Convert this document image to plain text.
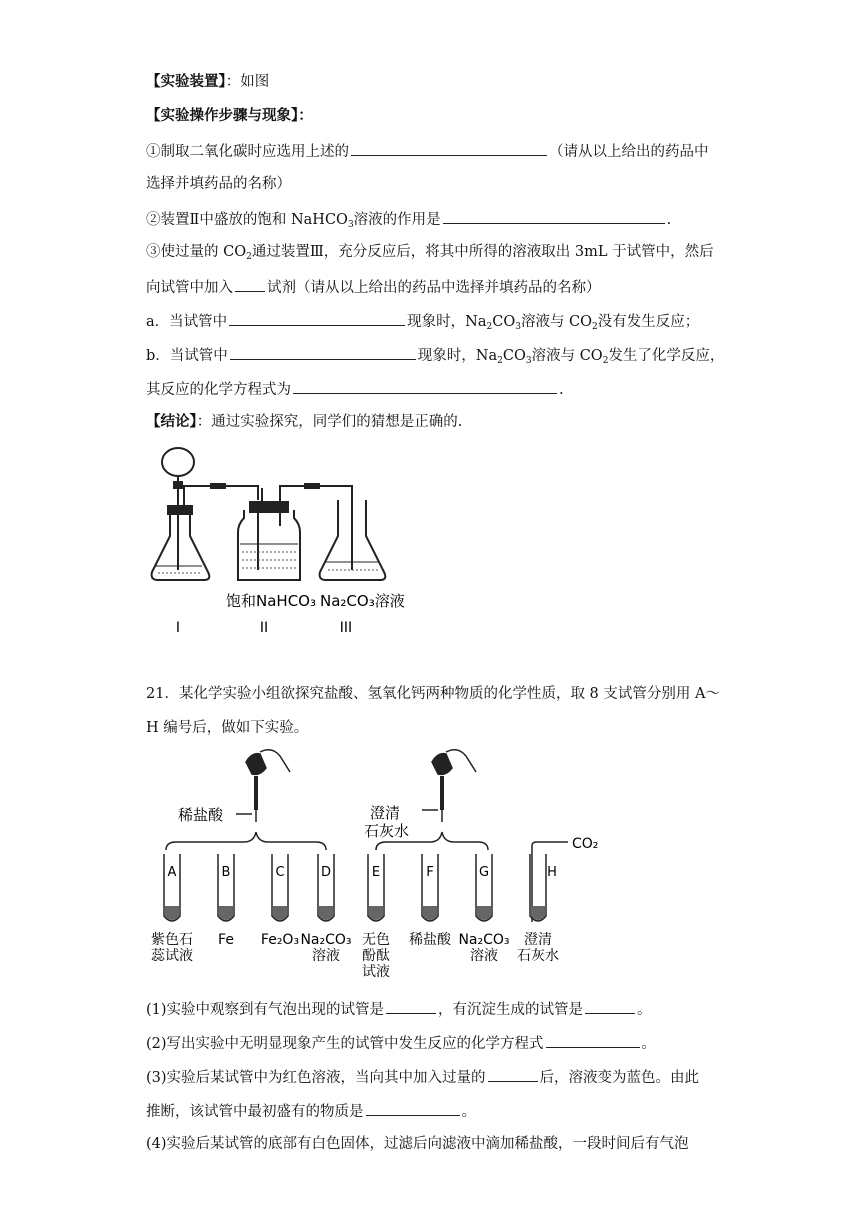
【实验装置】：如图
【实验操作步骤与现象】：
①制取二氧化碳时应选用上述的	（请从以上给出的药品中
选择并填药品的名称）
②装置Ⅱ中盛放的饱和 NaHCO$_3$溶液的作用是	.
③使过量的 $CO_2$通过装置Ⅲ，充分反应后，将其中所得的溶液取出 3mL 于试管中，然后
向试管中加入 试剂（请从以上给出的药品中选择并填药品的名称）
a．当试管中	现象时，$Na_2CO_3$溶液与 $CO_2$没有发生反应；
b．当试管中	现象时，$Na_2CO_3$溶液与 $CO_2$发生了化学反应，
其反应的化学方程式为	.
【结论】：通过实验探究，同学们的猜想是正确的.
饱和NaHCO₃ Na₂CO₃溶液
I	II	III
21．某化学实验小组欲探究盐酸、氢氧化钙两种物质的化学性质，取 8 支试管分别用 A～
H 编号后，做如下实验。
稀盐酸	澄清
石灰水
CO₂
A
紫色石
蕊试液
B
Fe
C
Fe₂O₃
D
Na₂CO₃
溶液
E
无色
酚酞
试液
F
稀盐酸
G
Na₂CO₃
溶液
H
澄清
石灰水
(1)实验中观察到有气泡出现的试管是	，有沉淀生成的试管是	。
(2)写出实验中无明显现象产生的试管中发生反应的化学方程式	。
(3)实验后某试管中为红色溶液，当向其中加入过量的	后，溶液变为蓝色。由此
推断，该试管中最初盛有的物质是	。
(4)实验后某试管的底部有白色固体，过滤后向滤液中滴加稀盐酸，一段时间后有气泡
